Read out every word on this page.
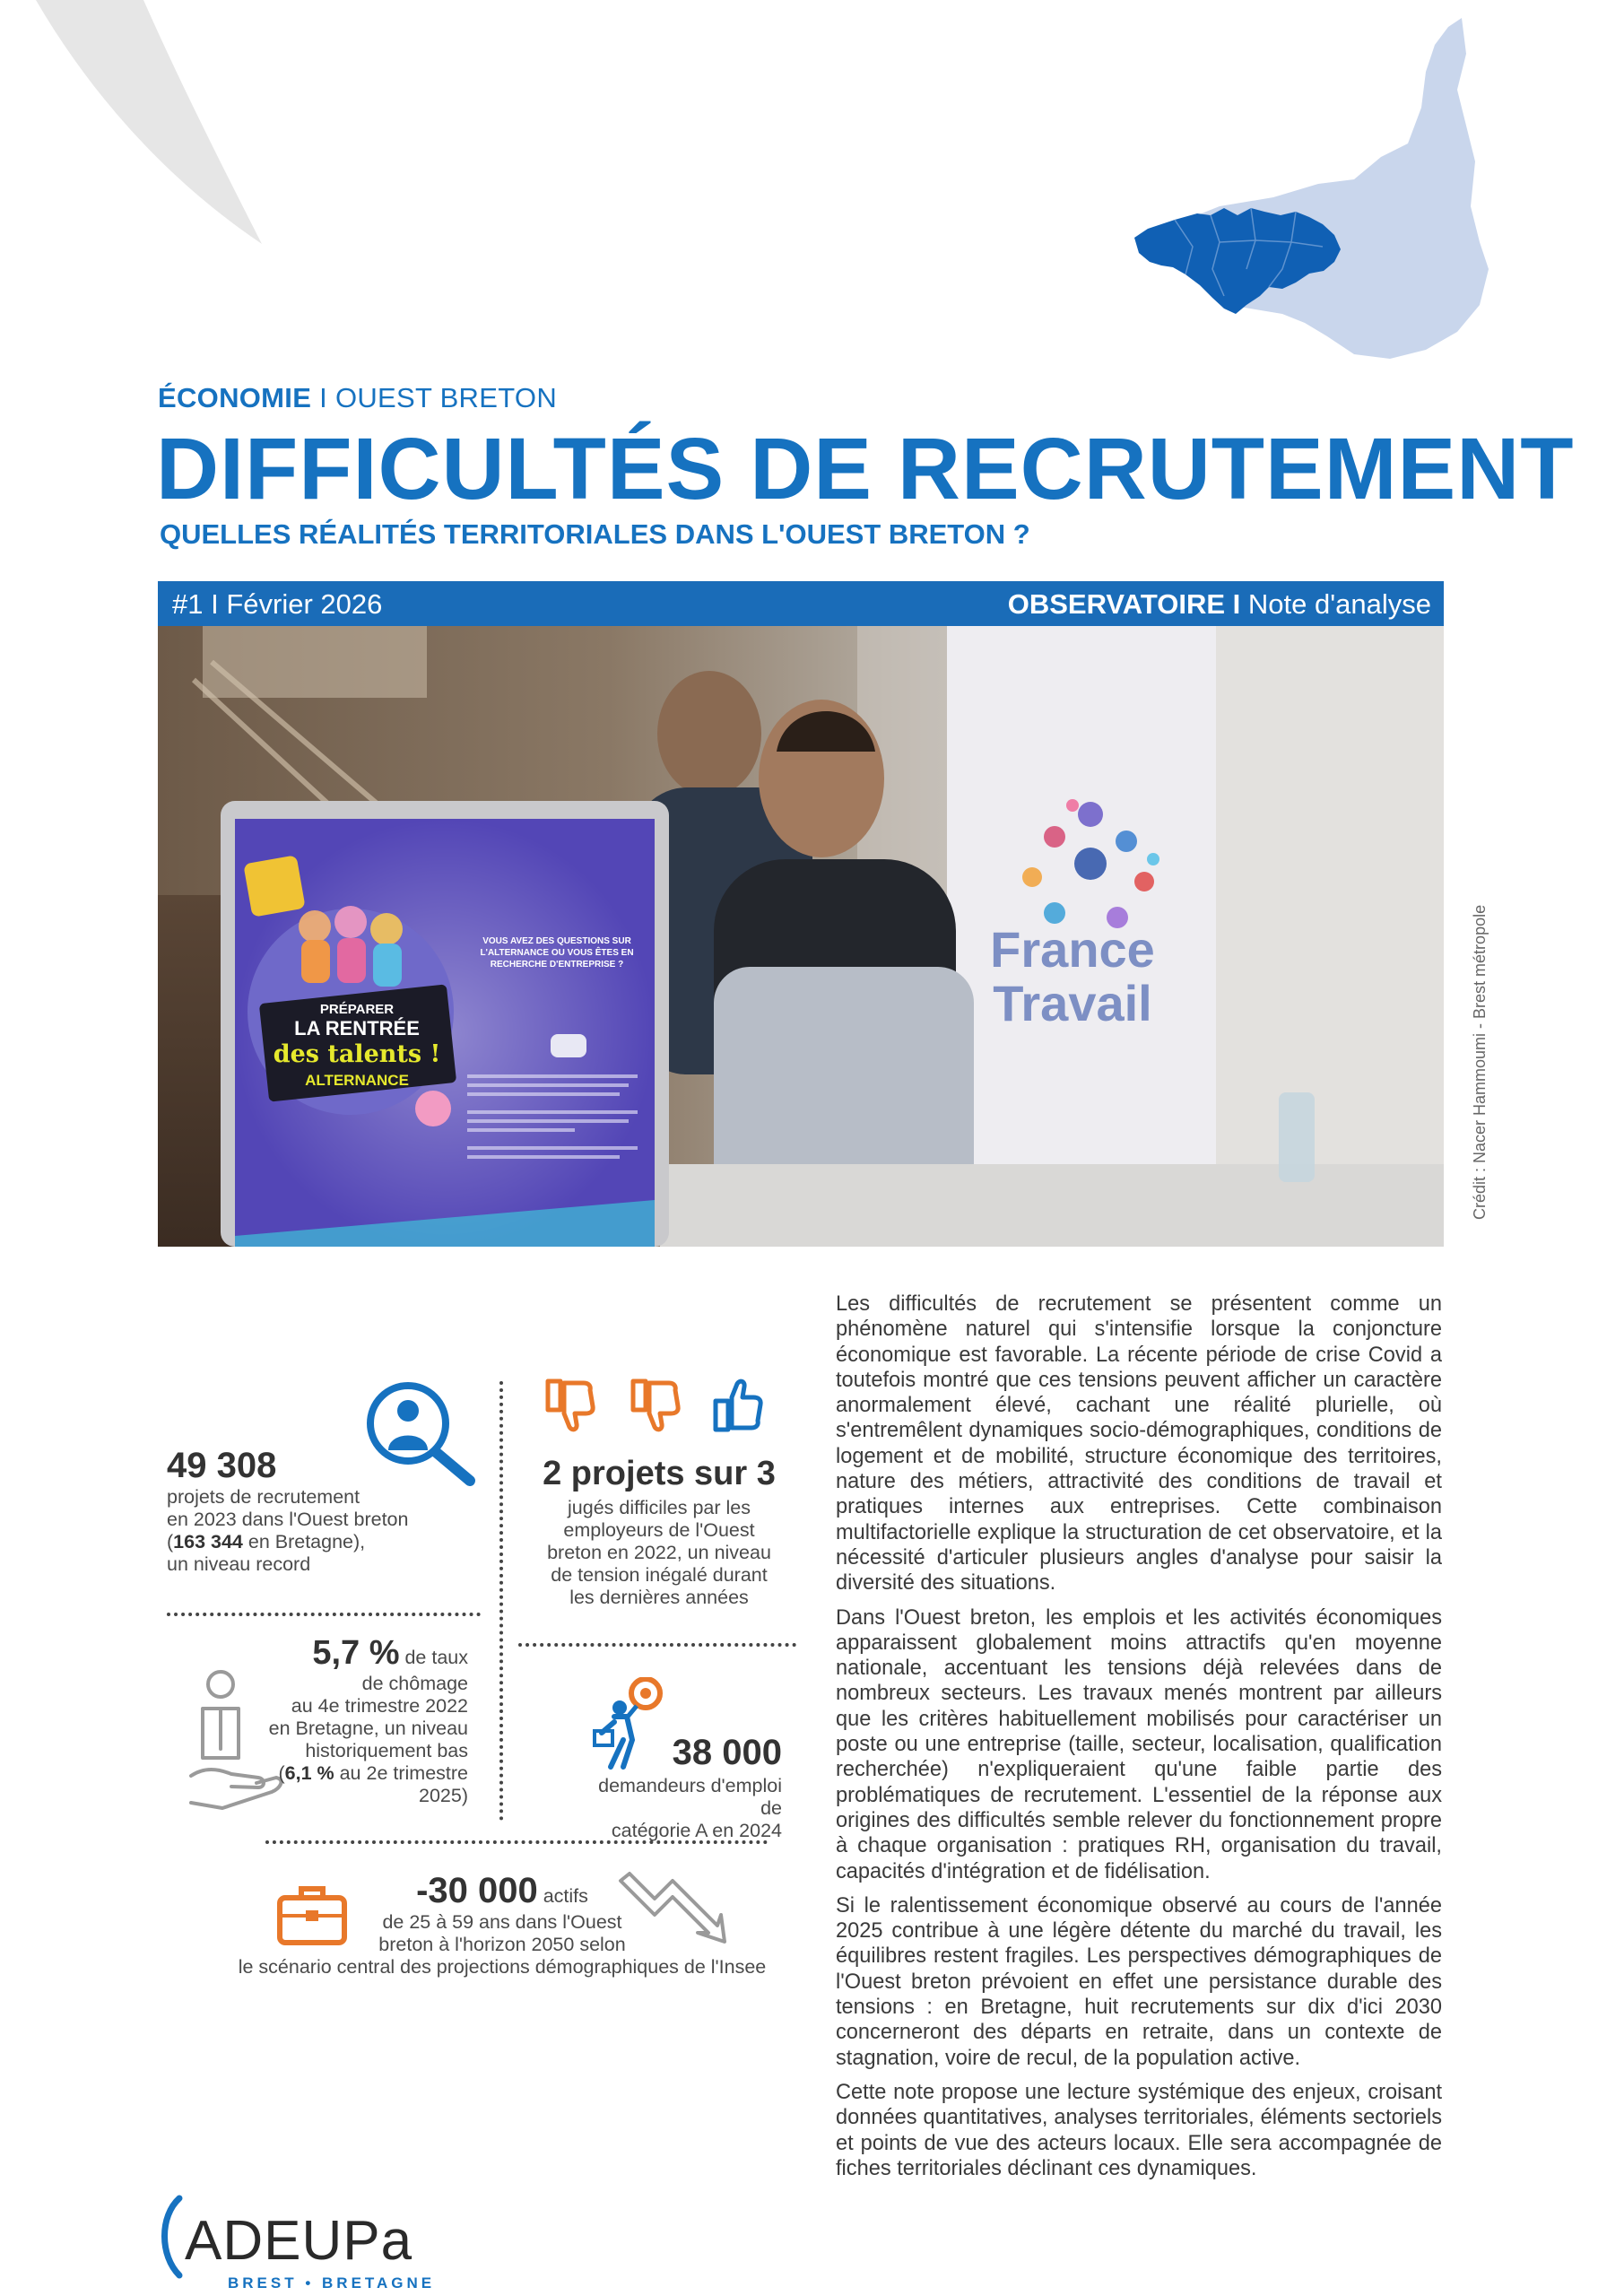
ÉCONOMIE I OUEST BRETON
DIFFICULTÉS DE RECRUTEMENT
QUELLES RÉALITÉS TERRITORIALES DANS L'OUEST BRETON ?
#1 I Février 2026	OBSERVATOIRE I Note d'analyse
France
Travail
PRÉPARER
LA RENTRÉE
des talents !
ALTERNANCE
VOUS AVEZ DES QUESTIONS SUR L'ALTERNANCE OU VOUS ÊTES EN RECHERCHE D'ENTREPRISE ?	Crédit : Nacer Hammoumi - Brest métropole
49 308
projets de recrutement
en 2023 dans l'Ouest breton
(163 344 en Bretagne),
un niveau record
2 projets sur 3
jugés difficiles par les
employeurs de l'Ouest
breton en 2022, un niveau
de tension inégalé durant
les dernières années
5,7 % de taux
de chômage
au 4e trimestre 2022
en Bretagne, un niveau
historiquement bas
(6,1 % au 2e trimestre
2025)
38 000
demandeurs d'emploi de
catégorie A en 2024
-30 000 actifs
de 25 à 59 ans dans l'Ouest
breton à l'horizon 2050 selon
le scénario central des projections démographiques de l'Insee

Les difficultés de recrutement se présentent comme un phénomène naturel qui s'intensifie lorsque la conjoncture économique est favorable. La récente période de crise Covid a toutefois montré que ces tensions peuvent afficher un caractère anormalement élevé, cachant une réalité plurielle, où s'entremêlent dynamiques socio-démographiques, conditions de logement et de mobilité, structure économique des territoires, nature des métiers, attractivité des conditions de travail et pratiques internes aux entreprises. Cette combinaison multifactorielle explique la structuration de cet observatoire, et la nécessité d'articuler plusieurs angles d'analyse pour saisir la diversité des situations.

Dans l'Ouest breton, les emplois et les activités économiques apparaissent globalement moins attractifs qu'en moyenne nationale, accentuant les tensions déjà relevées dans de nombreux secteurs. Les travaux menés montrent par ailleurs que les critères habituellement mobilisés pour caractériser un poste ou une entreprise (taille, secteur, localisation, qualification recherchée) n'expliqueraient qu'une faible partie des problématiques de recrutement. L'essentiel de la réponse aux origines des difficultés semble relever du fonctionnement propre à chaque organisation : pratiques RH, organisation du travail, capacités d'intégration et de fidélisation.

Si le ralentissement économique observé au cours de l'année 2025 contribue à une légère détente du marché du travail, les équilibres restent fragiles. Les perspectives démographiques de l'Ouest breton prévoient en effet une persistance durable des tensions : en Bretagne, huit recrutements sur dix d'ici 2030 concerneront des départs en retraite, dans un contexte de stagnation, voire de recul, de la population active.

Cette note propose une lecture systémique des enjeux, croisant données quantitatives, analyses territoriales, éléments sectoriels et points de vue des acteurs locaux. Elle sera accompagnée de fiches territoriales déclinant ces dynamiques.

ADEUPa
BREST • BRETAGNE
